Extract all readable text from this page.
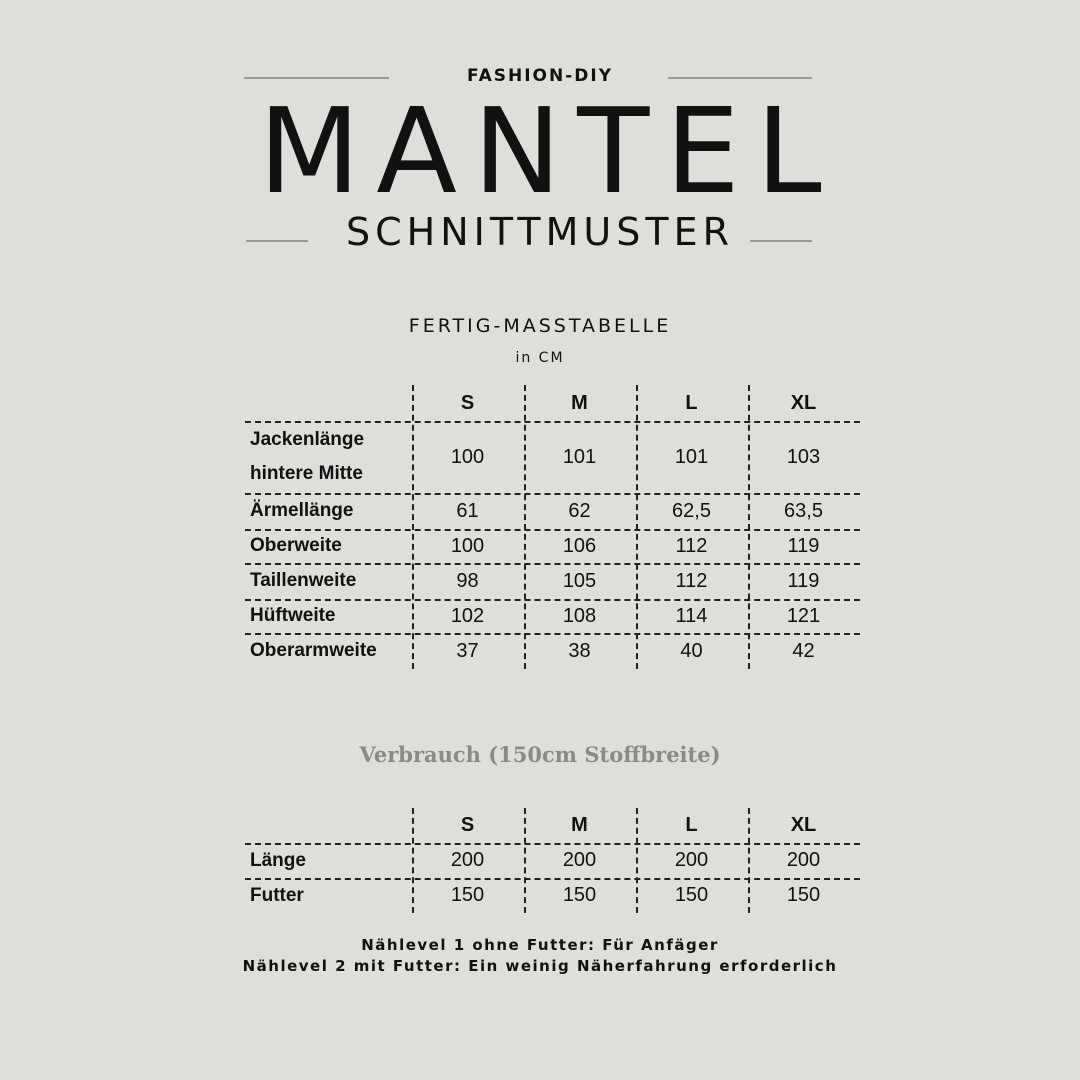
FASHION-DIY
MANTEL
SCHNITTMUSTER
FERTIG-MASSTABELLE
in CM
S	M	L	XL
Jackenlänge
hintere Mitte
100	101	101	103
Ärmellänge	61	62	62,5	63,5
Oberweite	100	106	112	119
Taillenweite	98	105	112	119
Hüftweite	102	108	114	121
Oberarmweite	37	38	40	42
Verbrauch (150cm Stoffbreite)
S	M	L	XL
Länge	200	200	200	200
Futter	150	150	150	150
Nählevel 1 ohne Futter: Für Anfäger
Nählevel 2 mit Futter: Ein weinig Näherfahrung erforderlich
